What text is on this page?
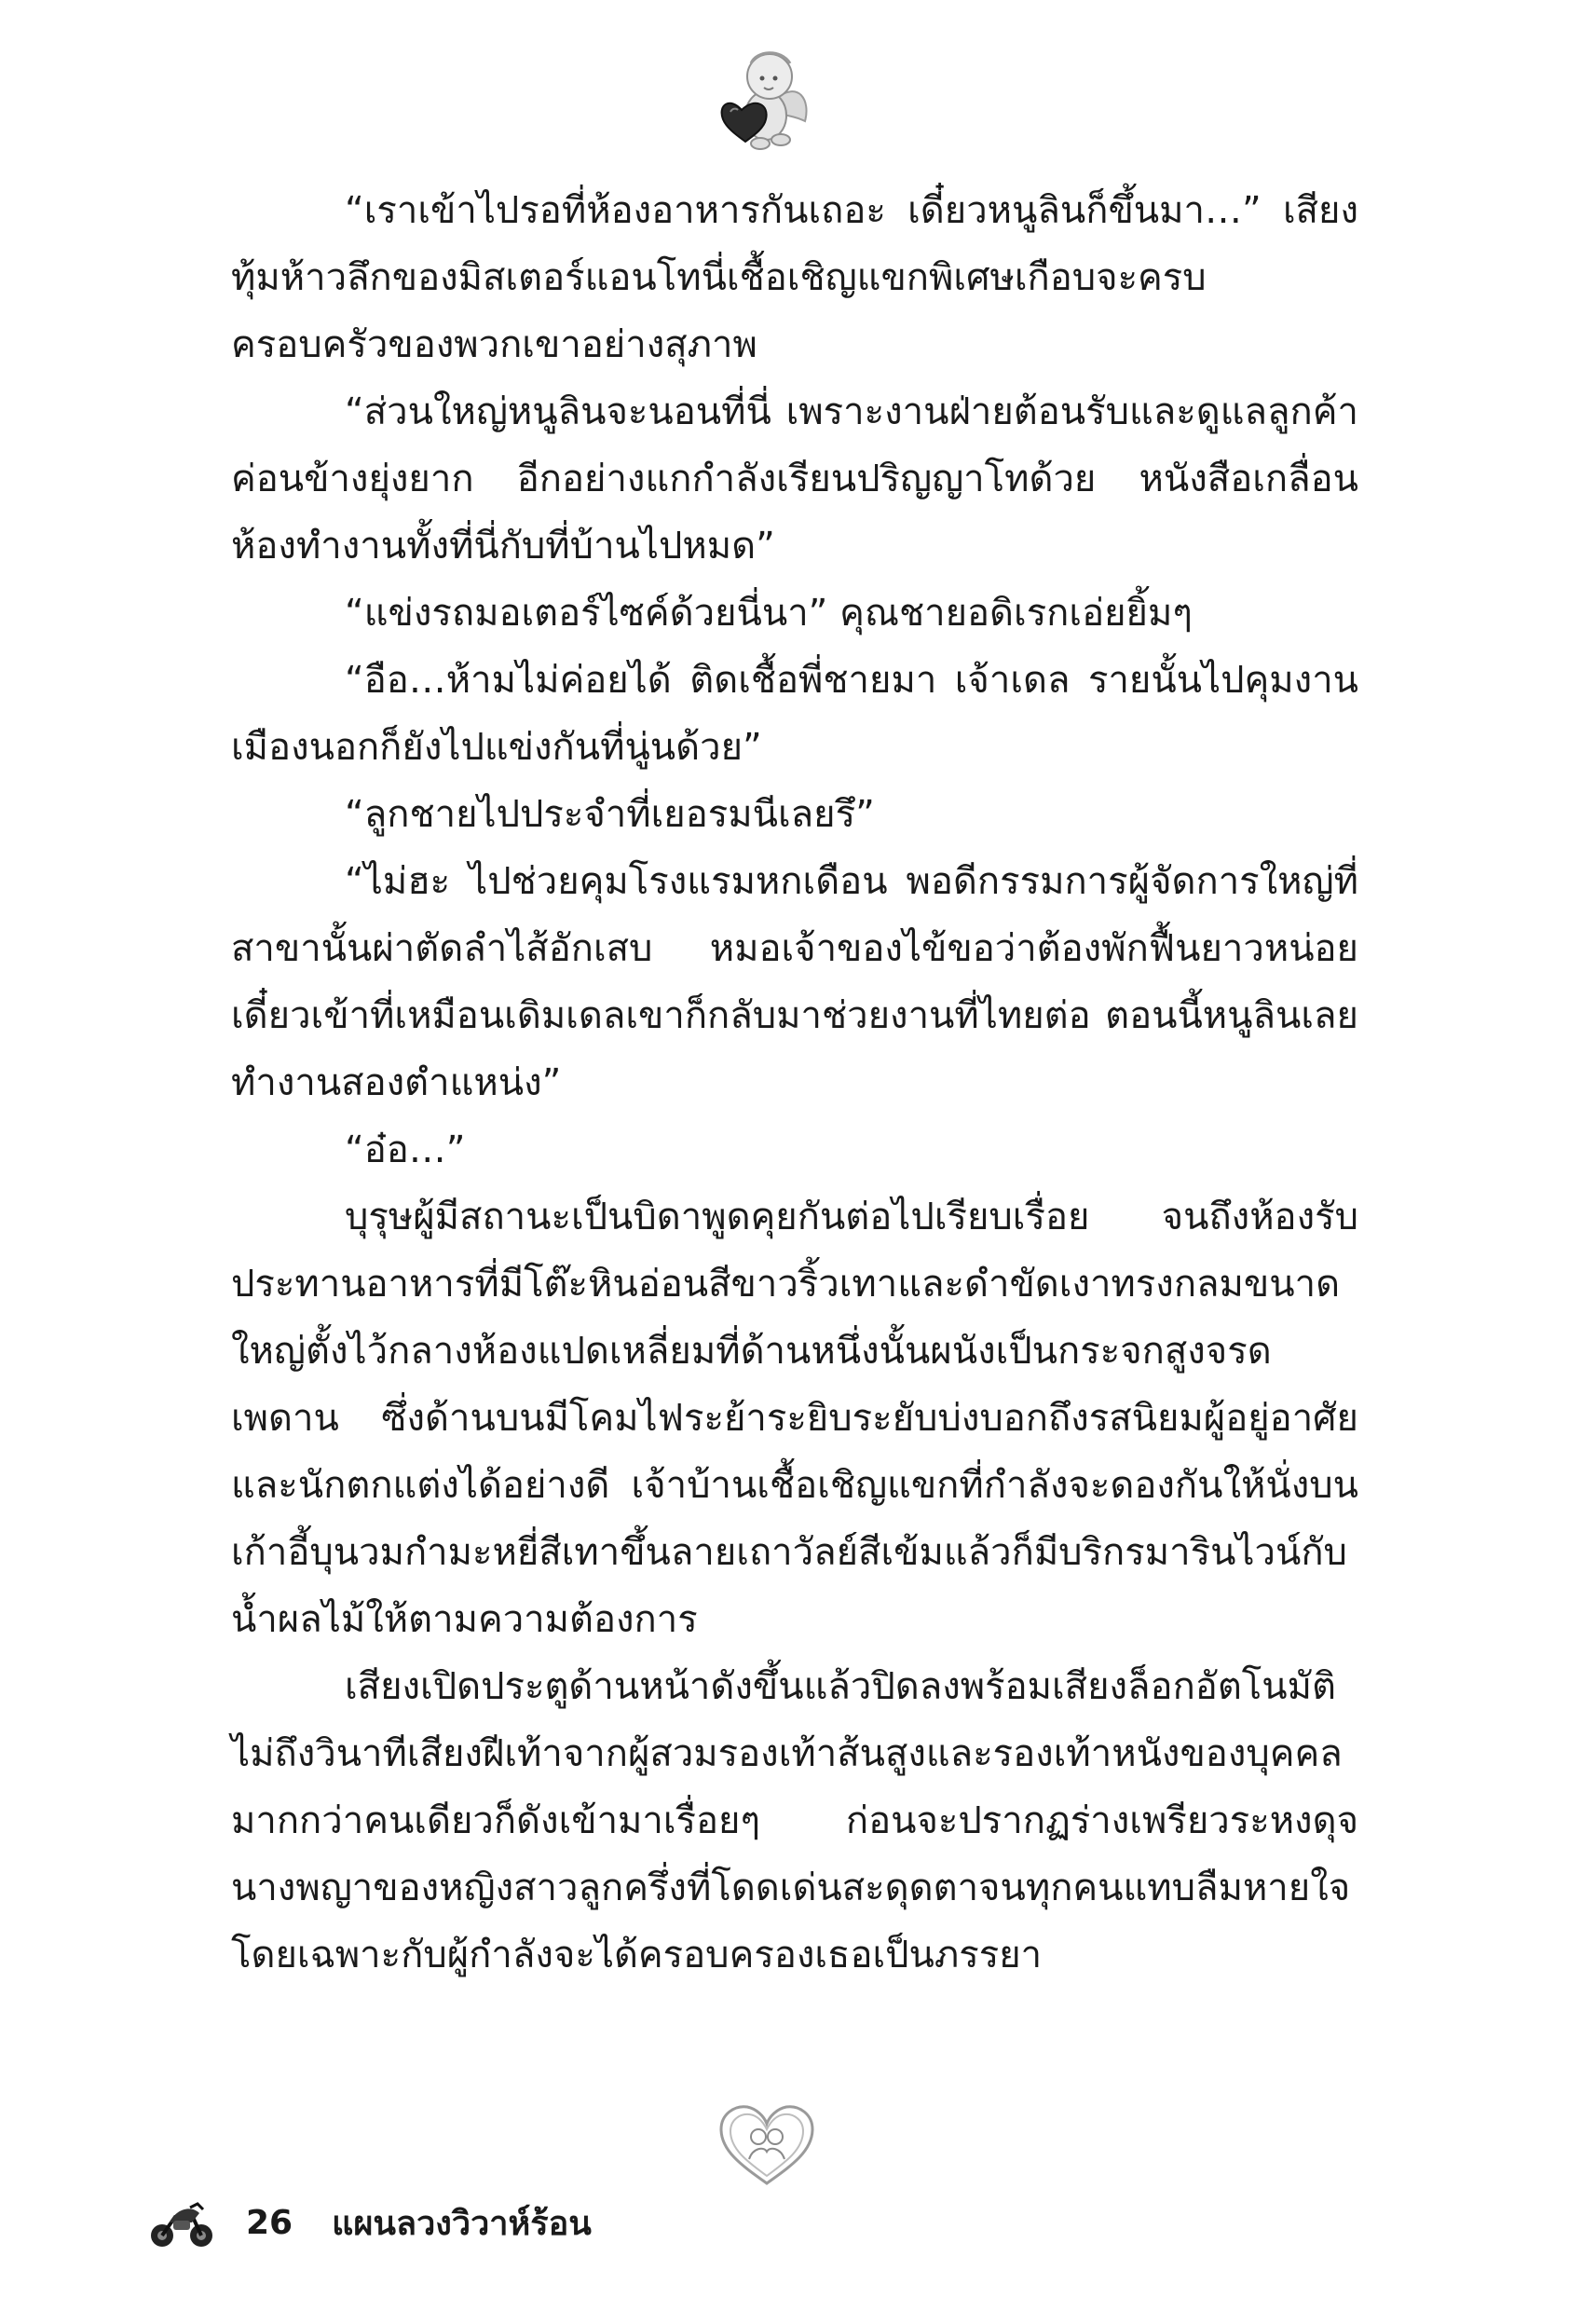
“เราเข้าไปรอที่ห้องอาหารกันเถอะ เดี๋ยวหนูลินก็ขึ้นมา…” เสียงทุ้มห้าวลึกของมิสเตอร์แอนโทนี่เชื้อเชิญแขกพิเศษเกือบจะครบครอบครัวของพวกเขาอย่างสุภาพ

“ส่วนใหญ่หนูลินจะนอนที่นี่ เพราะงานฝ่ายต้อนรับและดูแลลูกค้าค่อนข้างยุ่งยาก อีกอย่างแกกำลังเรียนปริญญาโทด้วย หนังสือเกลื่อนห้องทำงานทั้งที่นี่กับที่บ้านไปหมด”

“แข่งรถมอเตอร์ไซค์ด้วยนี่นา” คุณชายอดิเรกเอ่ยยิ้มๆ

“อือ…ห้ามไม่ค่อยได้ ติดเชื้อพี่ชายมา เจ้าเดล รายนั้นไปคุมงานเมืองนอกก็ยังไปแข่งกันที่นู่นด้วย”

“ลูกชายไปประจำที่เยอรมนีเลยรึ”

“ไม่ฮะ ไปช่วยคุมโรงแรมหกเดือน พอดีกรรมการผู้จัดการใหญ่ที่สาขานั้นผ่าตัดลำไส้อักเสบ หมอเจ้าของไข้ขอว่าต้องพักฟื้นยาวหน่อย เดี๋ยวเข้าที่เหมือนเดิมเดลเขาก็กลับมาช่วยงานที่ไทยต่อ ตอนนี้หนูลินเลยทำงานสองตำแหน่ง”

“อ๋อ…”

บุรุษผู้มีสถานะเป็นบิดาพูดคุยกันต่อไปเรียบเรื่อย จนถึงห้องรับประทานอาหารที่มีโต๊ะหินอ่อนสีขาวริ้วเทาและดำขัดเงาทรงกลมขนาดใหญ่ตั้งไว้กลางห้องแปดเหลี่ยมที่ด้านหนึ่งนั้นผนังเป็นกระจกสูงจรดเพดาน ซึ่งด้านบนมีโคมไฟระย้าระยิบระยับบ่งบอกถึงรสนิยมผู้อยู่อาศัยและนักตกแต่งได้อย่างดี เจ้าบ้านเชื้อเชิญแขกที่กำลังจะดองกันให้นั่งบนเก้าอี้บุนวมกำมะหยี่สีเทาขึ้นลายเถาวัลย์สีเข้มแล้วก็มีบริกรมารินไวน์กับน้ำผลไม้ให้ตามความต้องการ

เสียงเปิดประตูด้านหน้าดังขึ้นแล้วปิดลงพร้อมเสียงล็อกอัตโนมัติไม่ถึงวินาทีเสียงฝีเท้าจากผู้สวมรองเท้าส้นสูงและรองเท้าหนังของบุคคลมากกว่าคนเดียวก็ดังเข้ามาเรื่อยๆ ก่อนจะปรากฏร่างเพรียวระหงดุจนางพญาของหญิงสาวลูกครึ่งที่โดดเด่นสะดุดตาจนทุกคนแทบลืมหายใจโดยเฉพาะกับผู้กำลังจะได้ครอบครองเธอเป็นภรรยา

26 แผนลวงวิวาห์ร้อน
